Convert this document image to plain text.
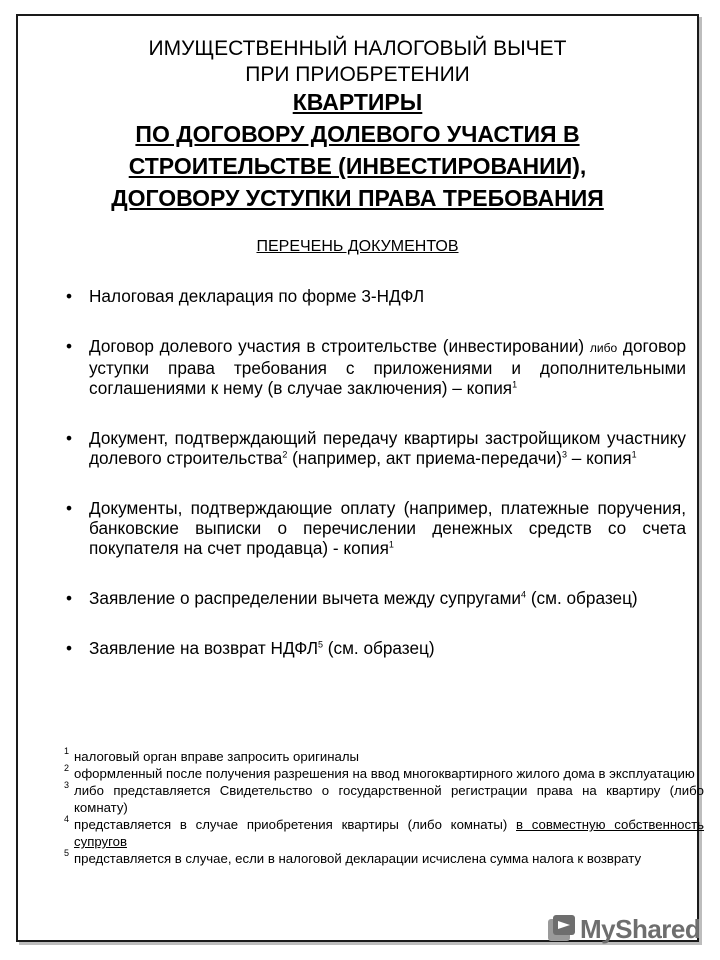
ИМУЩЕСТВЕННЫЙ НАЛОГОВЫЙ ВЫЧЕТ
ПРИ ПРИОБРЕТЕНИИ
КВАРТИРЫ
ПО ДОГОВОРУ ДОЛЕВОГО УЧАСТИЯ В
СТРОИТЕЛЬСТВЕ (ИНВЕСТИРОВАНИИ),
ДОГОВОРУ УСТУПКИ ПРАВА ТРЕБОВАНИЯ
ПЕРЕЧЕНЬ ДОКУМЕНТОВ
• Налоговая декларация по форме 3-НДФЛ
• Договор долевого участия в строительстве (инвестировании) либо договор уступки права требования с приложениями и дополнительными соглашениями к нему (в случае заключения) – копия$^1$
• Документ, подтверждающий передачу квартиры застройщиком участнику долевого строительства$^2$ (например, акт приема-передачи)$^3$ – копия$^1$
• Документы, подтверждающие оплату (например, платежные поручения, банковские выписки о перечислении денежных средств со счета покупателя на счет продавца) - копия$^1$
• Заявление о распределении вычета между супругами$^4$ (см. образец)
• Заявление на возврат НДФЛ$^5$ (см. образец)
1 налоговый орган вправе запросить оригиналы
2 оформленный после получения разрешения на ввод многоквартирного жилого дома в эксплуатацию
3 либо представляется Свидетельство о государственной регистрации права на квартиру (либо комнату)
4 представляется в случае приобретения квартиры (либо комнаты) в совместную собственность супругов
5 представляется в случае, если в налоговой декларации исчислена сумма налога к возврату
MyShared
